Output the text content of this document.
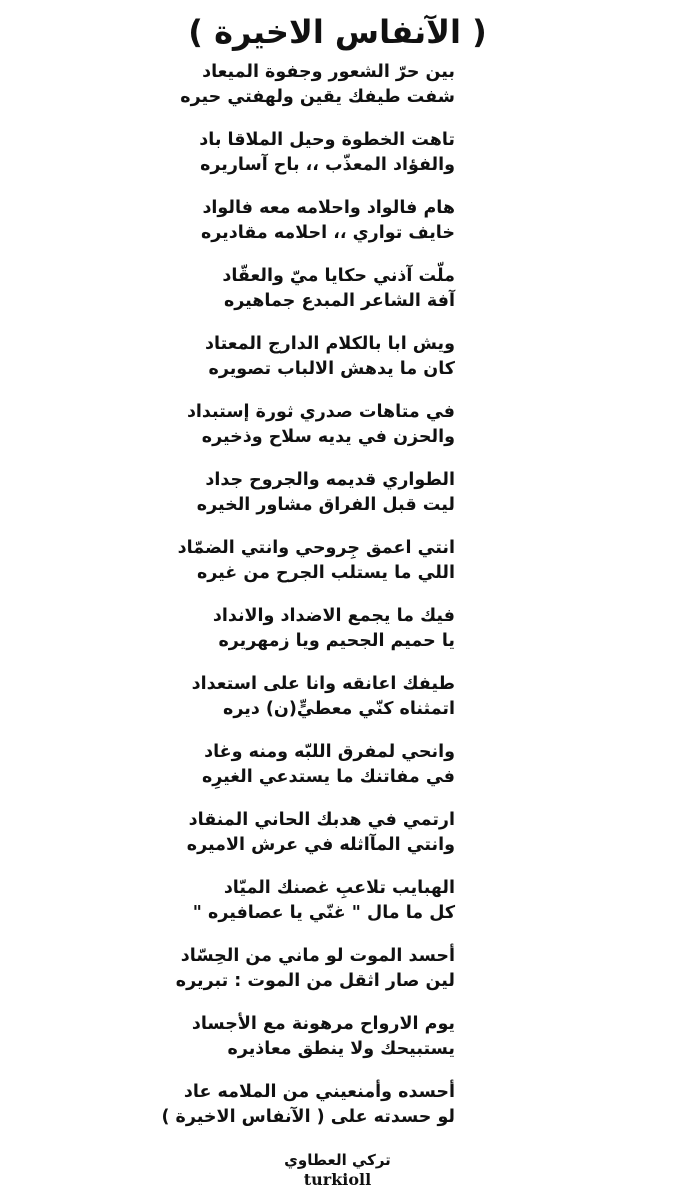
( الآنفاس الاخيرة )
بين حرّ الشعور وجفوة الميعاد
شفت طيفك يقين ولهفتي حيره
تاهت الخطوة وحيل الملاقا باد
والفؤاد المعذّب ،، باح آساريره
هام فالواد واحلامه معه فالواد
خايف تواري ،، احلامه مقاديره
ملّت آذني حكايا ميّ والعقّاد
آفة الشاعر المبدع جماهيره
ويش ابا بالكلام الدارج المعتاد
كان ما يدهش الالباب تصويره
في متاهات صدري ثورة إستبداد
والحزن في يديه سلاح وذخيره
الطواري قديمه والجروح جداد
ليت قبل الفراق مشاور الخيره
انتي اعمق جِروحي وانتي الضمّاد
اللي ما يستلب الجرح من غيره
فيك ما يجمع الاضداد والانداد
يا حميم الجحيم ويا زمهريره
طيفك اعانقه وانا على استعداد
اتمثناه كنّي معطيٍّ(ن) ديره
وانحي لمفرق اللبّه ومنه وغاد
في مفاتنك ما يستدعي الغيرِه
ارتمي في هدبك الحاني المنقاد
وانتي المآاثله في عرش الاميره
الهبايب تلاعبِ غصنك الميّاد
كل ما مال " غنّي يا عصافيره "
أحسد الموت لو ماني من الحِسّاد
لين صار اثقل من الموت : تبريره
يوم الارواح مرهونة مع الأجساد
يستبيحك ولا ينطق معاذيره
أحسده وأمنعيني من الملامه عاد
لو حسدته على ( الآنفاس الاخيرة )
تركي العطاوي
turkioll
